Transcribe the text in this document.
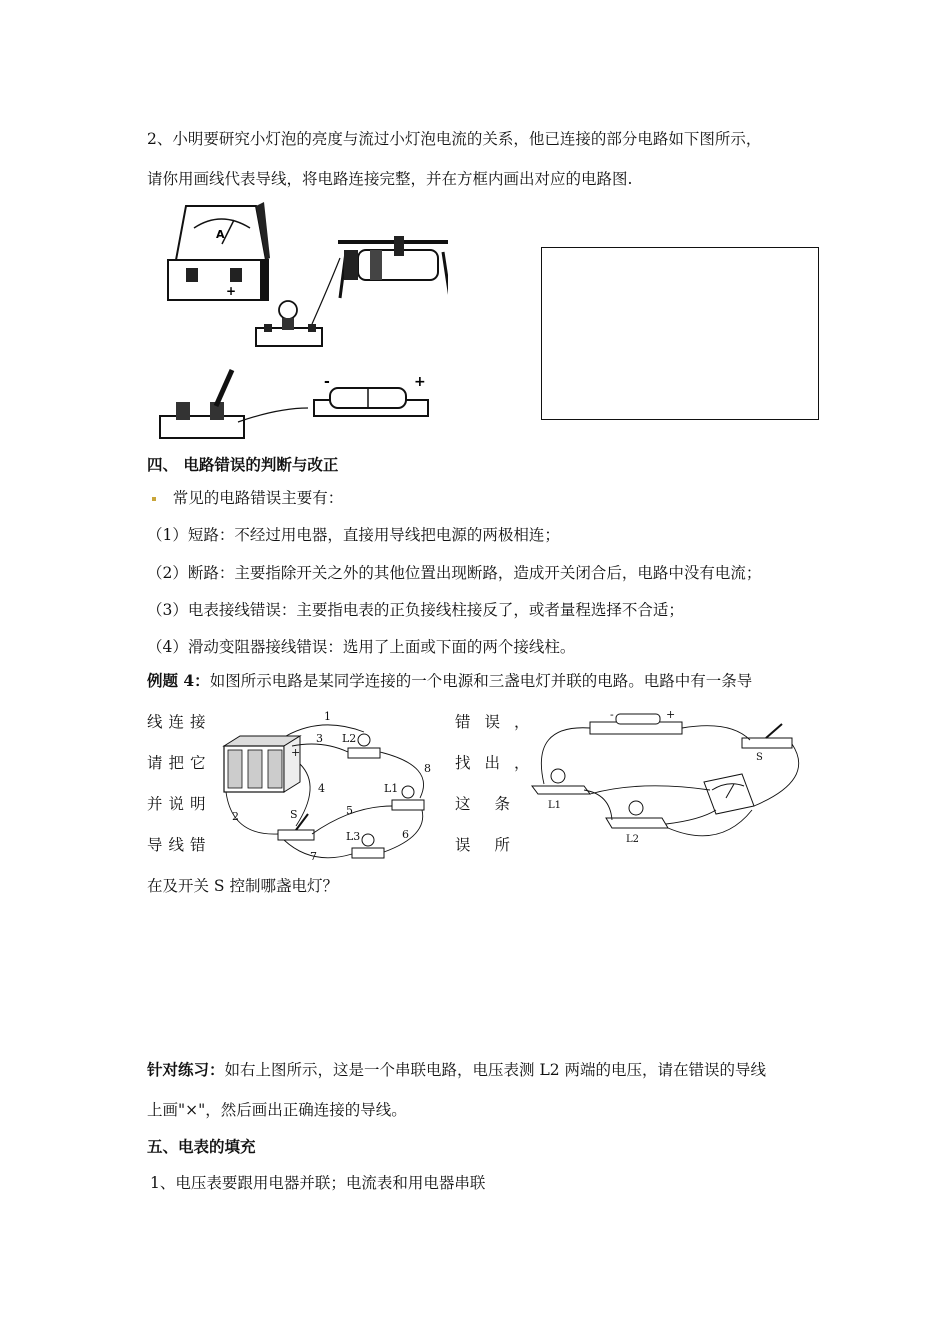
2、小明要研究小灯泡的亮度与流过小灯泡电流的关系，他已连接的部分电路如下图所示，
请你用画线代表导线，将电路连接完整，并在方框内画出对应的电路图.
A
+
-	+
四、 电路错误的判断与改正
常见的电路错误主要有：
（1）短路：不经过用电器，直接用导线把电源的两极相连；
（2）断路：主要指除开关之外的其他位置出现断路，造成开关闭合后，电路中没有电流；
（3）电表接线错误：主要指电表的正负接线柱接反了，或者量程选择不合适；
（4）滑动变阻器接线错误：选用了上面或下面的两个接线柱。
例题 4：如图所示电路是某同学连接的一个电源和三盏电灯并联的电路。电路中有一条导
线连接
请把它
并说明
导线错
错误，
找出，
这条
误所
+
L2
L1
L3
S
1
2
3
4
5
6
7
8
-	+
S
L1
L2
在及开关 S 控制哪盏电灯？
针对练习：如右上图所示，这是一个串联电路，电压表测 L2 两端的电压，请在错误的导线
上画"×"，然后画出正确连接的导线。
五、电表的填充
1、电压表要跟用电器并联；电流表和用电器串联
